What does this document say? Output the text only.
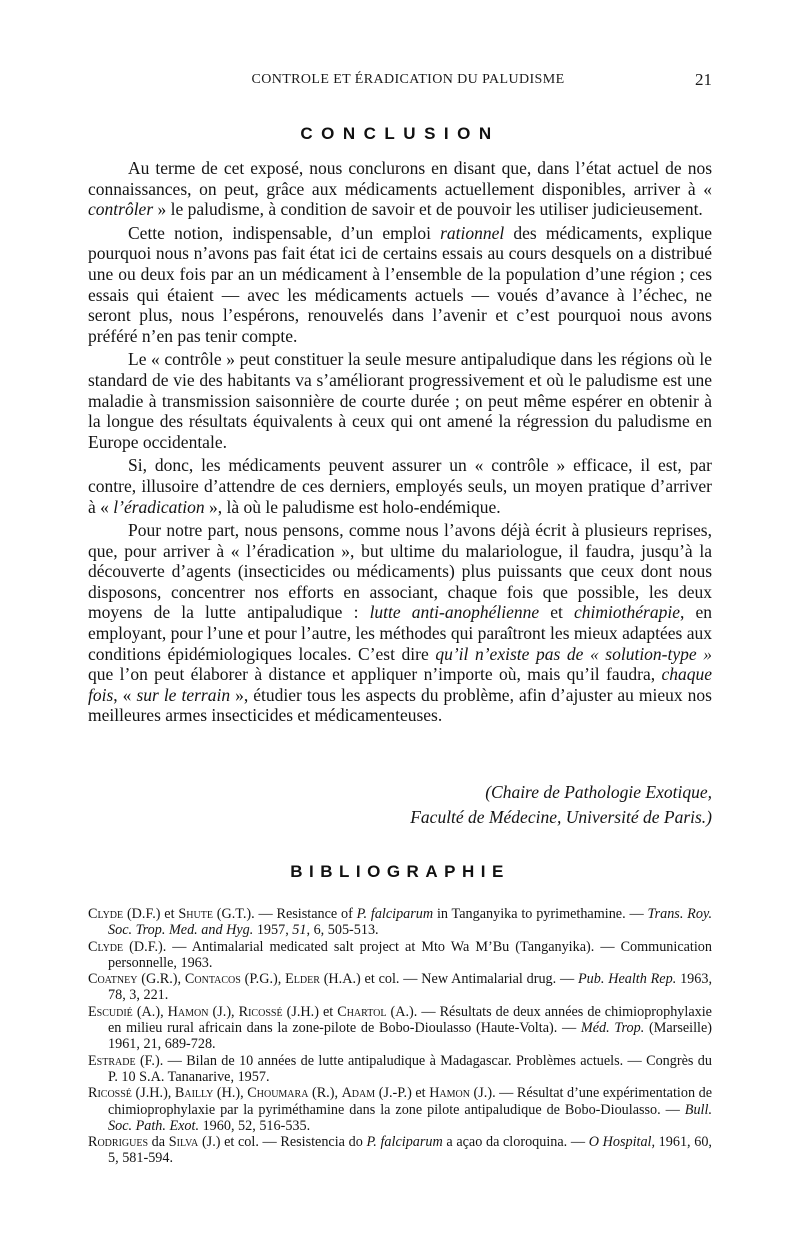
CONTROLE ET ÉRADICATION DU PALUDISME	21
CONCLUSION

Au terme de cet exposé, nous conclurons en disant que, dans l’état actuel de nos connaissances, on peut, grâce aux médicaments actuellement disponibles, arriver à « contrôler » le paludisme, à condition de savoir et de pouvoir les utiliser judicieusement.

Cette notion, indispensable, d’un emploi rationnel des médicaments, explique pourquoi nous n’avons pas fait état ici de certains essais au cours desquels on a distribué une ou deux fois par an un médicament à l’ensemble de la population d’une région ; ces essais qui étaient — avec les médicaments actuels — voués d’avance à l’échec, ne seront plus, nous l’espérons, renouvelés dans l’avenir et c’est pourquoi nous avons préféré n’en pas tenir compte.

Le « contrôle » peut constituer la seule mesure antipaludique dans les régions où le standard de vie des habitants va s’améliorant progressivement et où le paludisme est une maladie à transmission saisonnière de courte durée ; on peut même espérer en obtenir à la longue des résultats équivalents à ceux qui ont amené la régression du paludisme en Europe occidentale.

Si, donc, les médicaments peuvent assurer un « contrôle » efficace, il est, par contre, illusoire d’attendre de ces derniers, employés seuls, un moyen pratique d’arriver à « l’éradication », là où le paludisme est holo-endémique.

Pour notre part, nous pensons, comme nous l’avons déjà écrit à plusieurs reprises, que, pour arriver à « l’éradication », but ultime du malariologue, il faudra, jusqu’à la découverte d’agents (insecticides ou médicaments) plus puissants que ceux dont nous disposons, concentrer nos efforts en associant, chaque fois que possible, les deux moyens de la lutte antipaludique : lutte anti-anophélienne et chimiothérapie, en employant, pour l’une et pour l’autre, les méthodes qui paraîtront les mieux adaptées aux conditions épidémiologiques locales. C’est dire qu’il n’existe pas de « solution-type » que l’on peut élaborer à distance et appliquer n’importe où, mais qu’il faudra, chaque fois, « sur le terrain », étudier tous les aspects du problème, afin d’ajuster au mieux nos meilleures armes insecticides et médicamenteuses.

(Chaire de Pathologie Exotique,
Faculté de Médecine, Université de Paris.)
BIBLIOGRAPHIE
Clyde (D.F.) et Shute (G.T.). — Resistance of P. falciparum in Tanganyika to pyrimethamine. — Trans. Roy. Soc. Trop. Med. and Hyg. 1957, 51, 6, 505-513.
Clyde (D.F.). — Antimalarial medicated salt project at Mto Wa M’Bu (Tanganyika). — Communication personnelle, 1963.
Coatney (G.R.), Contacos (P.G.), Elder (H.A.) et col. — New Antimalarial drug. — Pub. Health Rep. 1963, 78, 3, 221.
Escudié (A.), Hamon (J.), Ricossé (J.H.) et Chartol (A.). — Résultats de deux années de chimioprophylaxie en milieu rural africain dans la zone-pilote de Bobo-Dioulasso (Haute-Volta). — Méd. Trop. (Marseille) 1961, 21, 689-728.
Estrade (F.). — Bilan de 10 années de lutte antipaludique à Madagascar. Problèmes actuels. — Congrès du P. 10 S.A. Tananarive, 1957.
Ricossé (J.H.), Bailly (H.), Choumara (R.), Adam (J.-P.) et Hamon (J.). — Résultat d’une expérimentation de chimioprophylaxie par la pyriméthamine dans la zone pilote antipaludique de Bobo-Dioulasso. — Bull. Soc. Path. Exot. 1960, 52, 516-535.
Rodrigues da Silva (J.) et col. — Resistencia do P. falciparum a açao da cloroquina. — O Hospital, 1961, 60, 5, 581-594.
